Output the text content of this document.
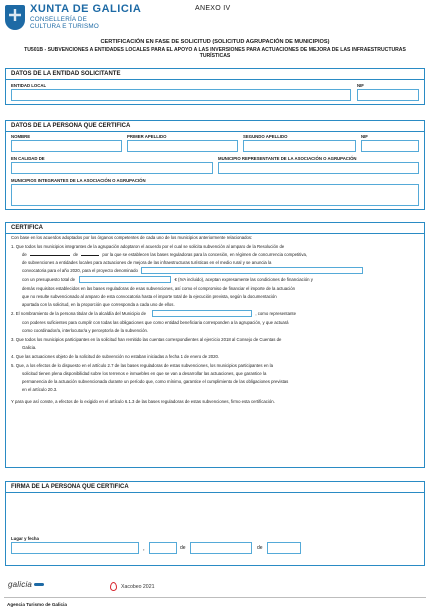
XUNTA DE GALICIA
CONSELLERÍA DE
CULTURA E TURISMO
ANEXO IV
CERTIFICACIÓN EN FASE DE SOLICITUD (SOLICITUD AGRUPACIÓN DE MUNICIPIOS)
TU501B - SUBVENCIONES A ENTIDADES LOCALES PARA EL APOYO A LAS INVERSIONES PARA ACTUACIONES DE MEJORA DE LAS INFRAESTRUCTURAS TURÍSTICAS
DATOS DE LA ENTIDAD SOLICITANTE
ENTIDAD LOCAL	NIF
DATOS DE LA PERSONA QUE CERTIFICA
NOMBRE	PRIMER APELLIDO	SEGUNDO APELLIDO	NIF
EN CALIDAD DE	MUNICIPIO REPRESENTANTE DE LA ASOCIACIÓN O AGRUPACIÓN
MUNICIPIOS INTEGRANTES DE LA ASOCIACIÓN O AGRUPACIÓN
CERTIFICA
Con base en los acuerdos adoptados por los órganos competentes de cada uno de los municipios anteriormente relacionados:
1. Que todos los municipios integrantes de la agrupación adoptaron el acuerdo por el cual se solicita subvención al amparo de la Resolución de
de	de	por la que se establecen las bases reguladoras para la concesión, en régimen de concurrencia competitiva,
de subvenciones a entidades locales para actuaciones de mejora de las infraestructuras turísticas en el medio rural y se anuncia la
convocatoria para el año 2020, para el proyecto denominado
con un presupuesto total de	€ (IVA incluido), aceptan expresamente las condiciones de financiación y
demás requisitos establecidos en las bases reguladoras de esas subvenciones, así como el compromiso de financiar el importe de la actuación
que no resulte subvencionado al amparo de esta convocatoria hasta el importe total de la ejecución prevista, según la documentación
aportada con la solicitud, en la proporción que corresponda a cada uno de ellos.
2. El nombramiento de la persona titular de la alcaldía del Municipio de	, como representante
con poderes suficientes para cumplir con todas las obligaciones que como entidad beneficiaria corresponden a la agrupación, y que actuará
como coordinador/a, interlocutor/a y perceptor/a de la subvención.
3. Que todos los municipios participantes en la solicitud han remitido las cuentas correspondientes al ejercicio 2018 al Consejo de Cuentas de
Galicia.
4. Que las actuaciones objeto de la solicitud de subvención no estaban iniciadas a fecha 1 de enero de 2020.
5. Que, a los efectos de lo dispuesto en el artículo 2.7 de las bases reguladoras de estas subvenciones, los municipios participantes en la
solicitud tienen plena disponibilidad sobre los terrenos e inmuebles en que se van a desarrollar las actuaciones, que garantice la
permanencia de la actuación subvencionada durante un período que, como mínimo, garantice el cumplimiento de las obligaciones previstas
en el artículo 20.3.
Y para que así conste, a efectos de lo exigido en el artículo 6.1.3 de las bases reguladoras de estas subvenciones, firmo esta certificación.
FIRMA DE LA PERSONA QUE CERTIFICA
Lugar y fecha
,	de	de
galicia	Xacobeo 2021
Agencia Turismo de Galicia
